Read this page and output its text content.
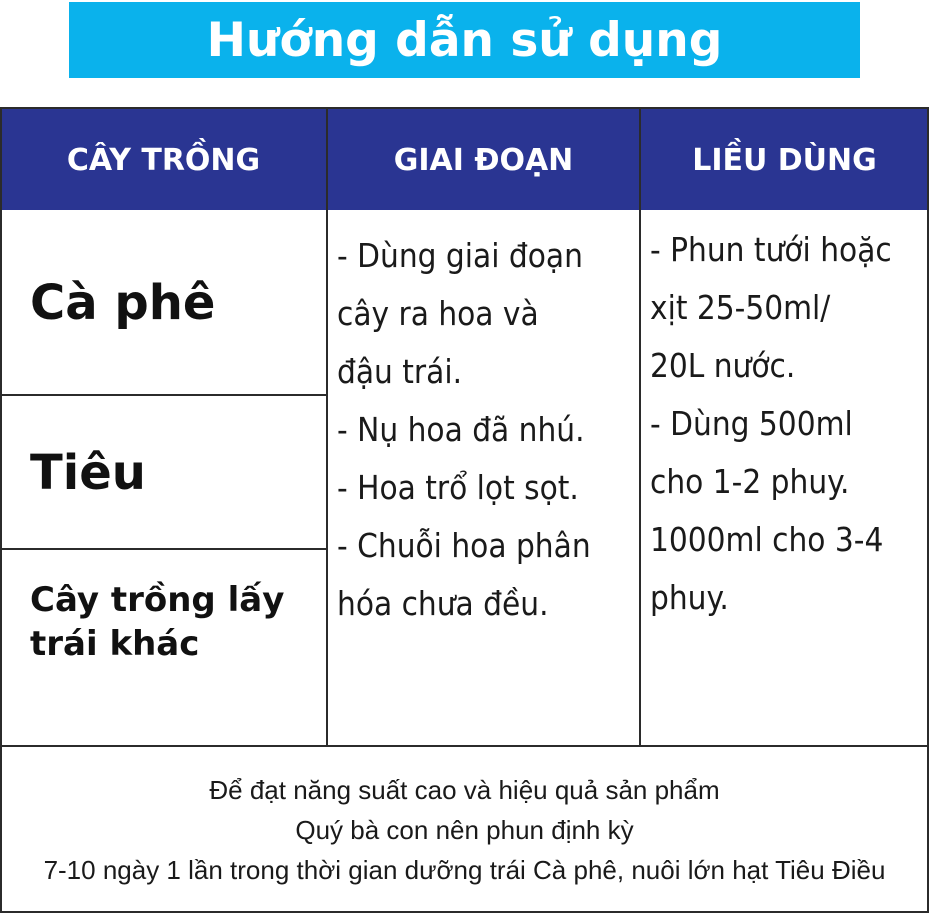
Hướng dẫn sử dụng
CÂY TRỒNG	GIAI ĐOẠN	LIỀU DÙNG
Cà phê
Tiêu
Cây trồng lấy
trái khác
- Dùng giai đoạn
cây ra hoa và
đậu trái.
- Nụ hoa đã nhú.
- Hoa trổ lọt sọt.
- Chuỗi hoa phân
hóa chưa đều.
- Phun tưới hoặc
xịt 25-50ml/
20L nước.
- Dùng 500ml
cho 1-2 phuy.
1000ml cho 3-4
phuy.
Để đạt năng suất cao và hiệu quả sản phẩm
Quý bà con nên phun định kỳ
7-10 ngày 1 lần trong thời gian dưỡng trái Cà phê, nuôi lớn hạt Tiêu Điều
